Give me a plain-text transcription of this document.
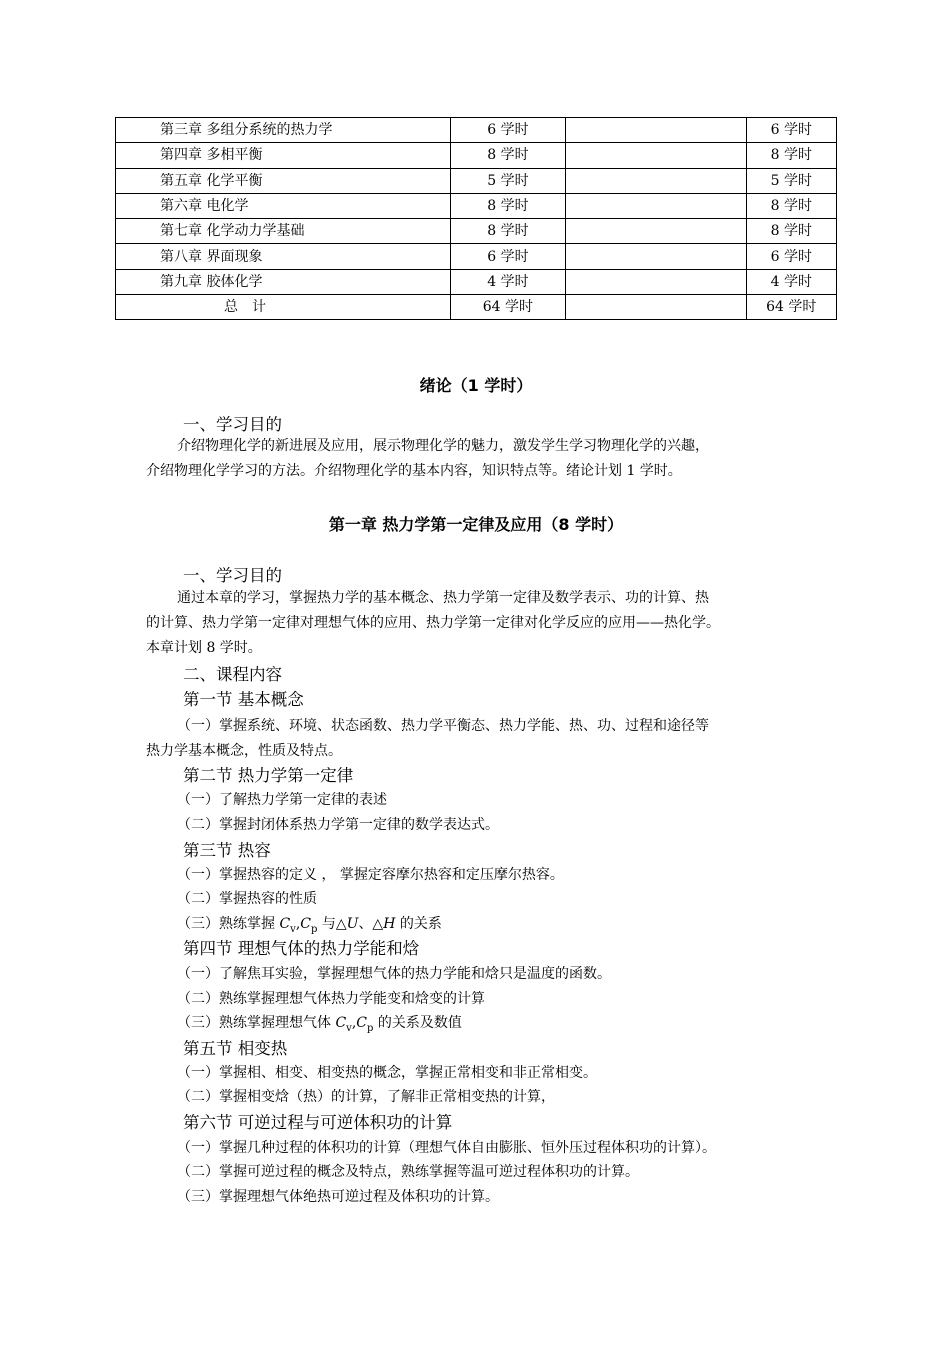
第三章 多组分系统的热力学	6 学时		6 学时
第四章 多相平衡	8 学时		8 学时
第五章 化学平衡	5 学时		5 学时
第六章 电化学	8 学时		8 学时
第七章 化学动力学基础	8 学时		8 学时
第八章 界面现象	6 学时		6 学时
第九章 胶体化学	4 学时		4 学时
总计	64 学时		64 学时
绪论（1 学时）
一、学习目的
介绍物理化学的新进展及应用，展示物理化学的魅力，激发学生学习物理化学的兴趣，
介绍物理化学学习的方法。介绍物理化学的基本内容，知识特点等。绪论计划 1 学时。
第一章 热力学第一定律及应用（8 学时）
一、学习目的
通过本章的学习，掌握热力学的基本概念、热力学第一定律及数学表示、功的计算、热
的计算、热力学第一定律对理想气体的应用、热力学第一定律对化学反应的应用——热化学。
本章计划 8 学时。
二、课程内容
第一节 基本概念
（一）掌握系统、环境、状态函数、热力学平衡态、热力学能、热、功、过程和途径等
热力学基本概念，性质及特点。
第二节 热力学第一定律
（一）了解热力学第一定律的表述
（二）掌握封闭体系热力学第一定律的数学表达式。
第三节 热容
（一）掌握热容的定义 ， 掌握定容摩尔热容和定压摩尔热容。
（二）掌握热容的性质
（三）熟练掌握 $C_v,C_p$ 与△U、△H 的关系
第四节 理想气体的热力学能和焓
（一）了解焦耳实验，掌握理想气体的热力学能和焓只是温度的函数。
（二）熟练掌握理想气体热力学能变和焓变的计算
（三）熟练掌握理想气体 $C_v,C_p$ 的关系及数值
第五节 相变热
（一）掌握相、相变、相变热的概念，掌握正常相变和非正常相变。
（二）掌握相变焓（热）的计算，了解非正常相变热的计算，
第六节 可逆过程与可逆体积功的计算
（一）掌握几种过程的体积功的计算（理想气体自由膨胀、恒外压过程体积功的计算）。
（二）掌握可逆过程的概念及特点，熟练掌握等温可逆过程体积功的计算。
（三）掌握理想气体绝热可逆过程及体积功的计算。
